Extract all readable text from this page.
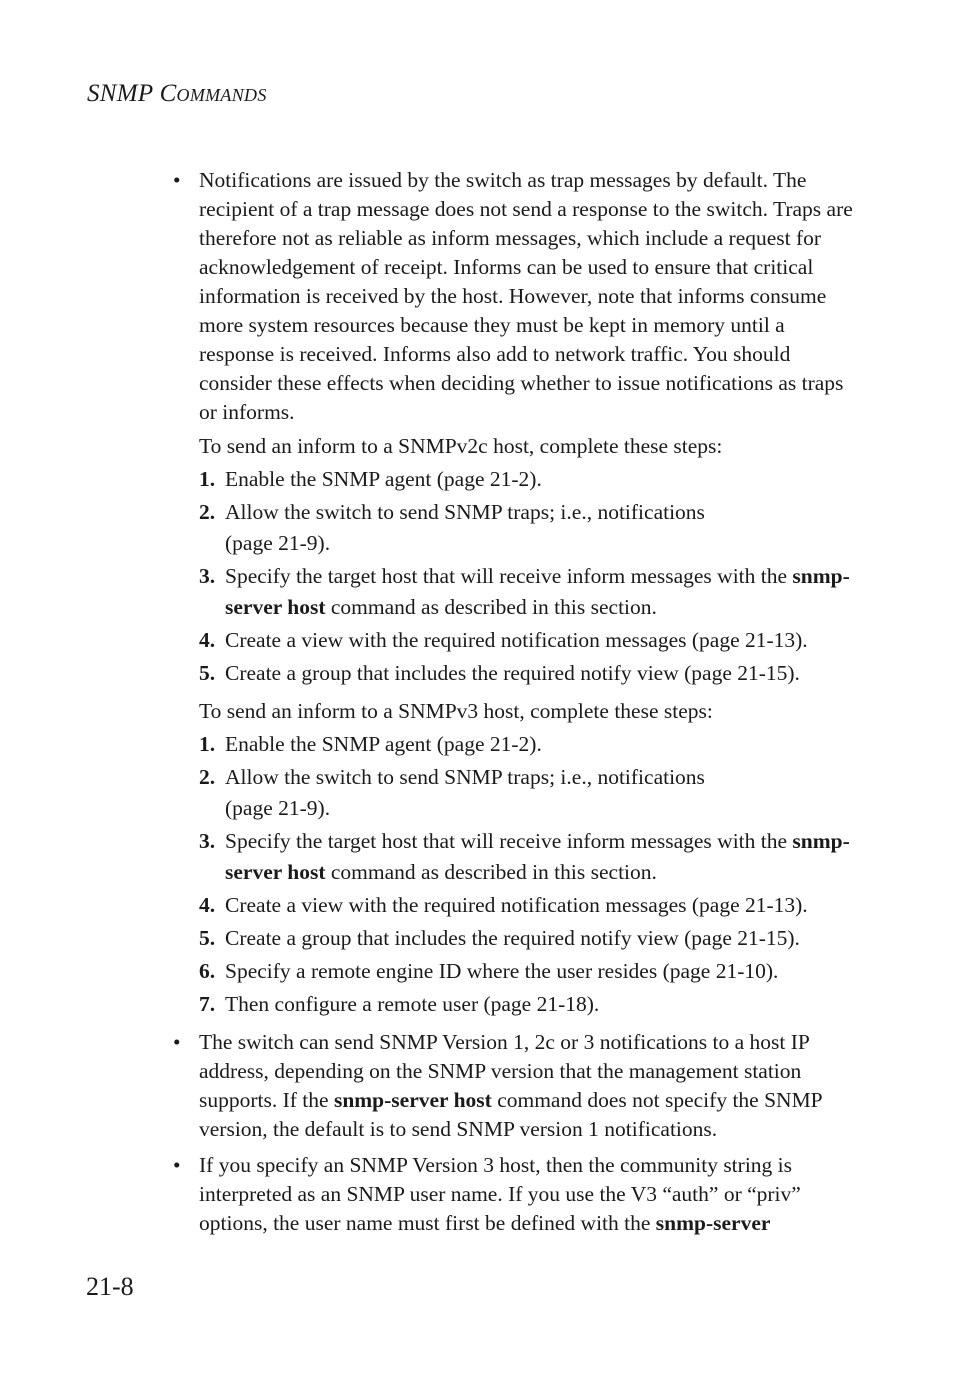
SNMP COMMANDS
• Notifications are issued by the switch as trap messages by default. The recipient of a trap message does not send a response to the switch. Traps are therefore not as reliable as inform messages, which include a request for acknowledgement of receipt. Informs can be used to ensure that critical information is received by the host. However, note that informs consume more system resources because they must be kept in memory until a response is received. Informs also add to network traffic. You should consider these effects when deciding whether to issue notifications as traps or informs.

To send an inform to a SNMPv2c host, complete these steps:

1. Enable the SNMP agent (page 21-2).
2. Allow the switch to send SNMP traps; i.e., notifications
(page 21-9).
3. Specify the target host that will receive inform messages with the snmp-server host command as described in this section.
4. Create a view with the required notification messages (page 21-13).
5. Create a group that includes the required notify view (page 21-15).

To send an inform to a SNMPv3 host, complete these steps:

1. Enable the SNMP agent (page 21-2).
2. Allow the switch to send SNMP traps; i.e., notifications
(page 21-9).
3. Specify the target host that will receive inform messages with the snmp-server host command as described in this section.
4. Create a view with the required notification messages (page 21-13).
5. Create a group that includes the required notify view (page 21-15).
6. Specify a remote engine ID where the user resides (page 21-10).
7. Then configure a remote user (page 21-18).
• The switch can send SNMP Version 1, 2c or 3 notifications to a host IP address, depending on the SNMP version that the management station supports. If the snmp-server host command does not specify the SNMP version, the default is to send SNMP version 1 notifications.

• If you specify an SNMP Version 3 host, then the community string is interpreted as an SNMP user name. If you use the V3 “auth” or “priv” options, the user name must first be defined with the snmp-server

21-8
